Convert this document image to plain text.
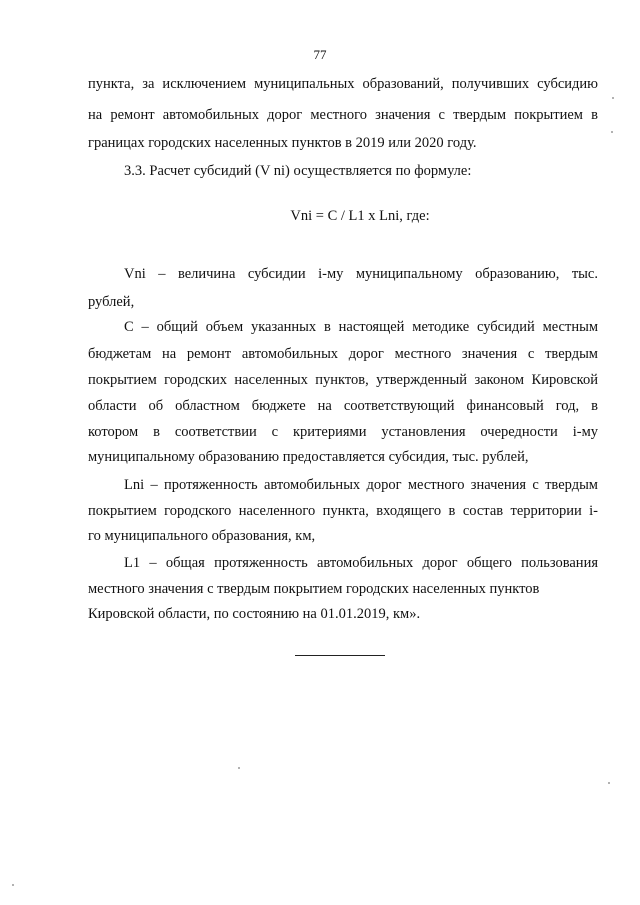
77
пункта, за исключением муниципальных образований, получивших субсидию
на ремонт автомобильных дорог местного значения с твердым покрытием в
границах городских населенных пунктов в 2019 или 2020 году.
3.3. Расчет субсидий (V ni) осуществляется по формуле:
Vni = С / L1 х Lni, где:
Vni – величина субсидии i-му муниципальному образованию, тыс.
рублей,
С – общий объем указанных в настоящей методике субсидий местным
бюджетам на ремонт автомобильных дорог местного значения с твердым
покрытием городских населенных пунктов, утвержденный законом Кировской
области об областном бюджете на соответствующий финансовый год, в
котором в соответствии с критериями установления очередности i-му
муниципальному образованию предоставляется субсидия, тыс. рублей,
Lni – протяженность автомобильных дорог местного значения с твердым
покрытием городского населенного пункта, входящего в состав территории i-
го муниципального образования, км,
L1 – общая протяженность автомобильных дорог общего пользования
местного значения с твердым покрытием городских населенных пунктов
Кировской области, по состоянию на 01.01.2019, км».
